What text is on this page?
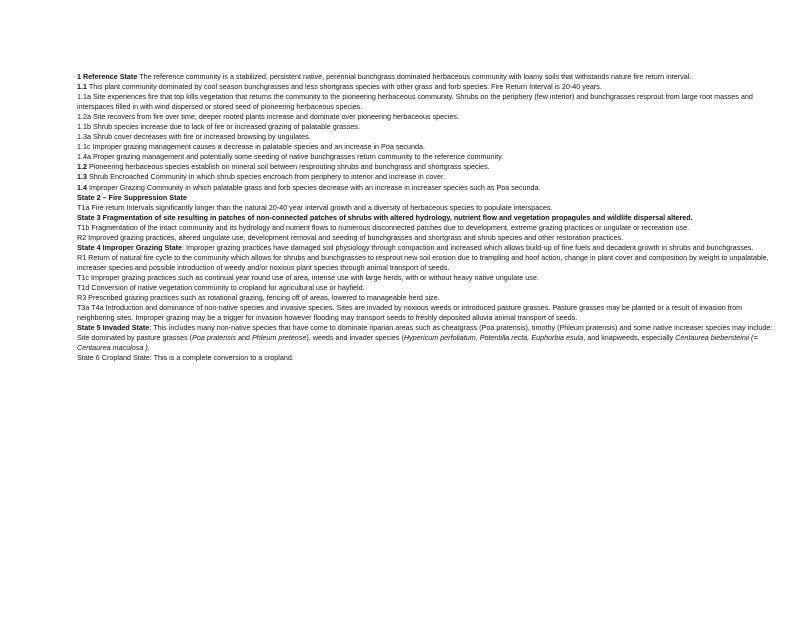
1 Reference State The reference community is a stabilized, persistent native, perennial bunchgrass dominated herbaceous community with loamy soils that withstands nature fire return interval.

1.1 This plant community dominated by cool season bunchgrasses and less shortgrass species with other grass and forb species. Fire Return Interval is 20-40 years.

1.1a Site experiences fire that top kills vegetation that returns the community to the pioneering herbaceous community. Shrubs on the periphery (few interior) and bunchgrasses resprout from large root masses and interspaces filled in with wind dispersed or stored seed of pioneering herbaceous species.

1.2a Site recovers from fire over time, deeper rooted plants increase and dominate over pioneering herbaceous species.

1.1b Shrub species increase due to lack of fire or increased grazing of palatable grasses.

1.3a Shrub cover decreases with fire or increased browsing by ungulates.

1.1c Improper grazing management causes a decrease in palatable species and an increase in Poa secunda.

1.4a Proper grazing management and potentially some seeding of native bunchgrasses return community to the reference community.

1.2 Pioneering herbaceous species establish on mineral soil between resprouting shrubs and bunchgrass and shortgrass species.

1.3 Shrub Encroached Community in which shrub species encroach from periphery to interior and increase in cover.

1.4 Improper Grazing Community in which palatable grass and forb species decrease with an increase in increaser species such as Poa secunda.

State 2 – Fire Suppression State

T1a Fire return Intervals significantly longer than the natural 20-40 year interval growth and a diversity of herbaceous species to populate interspaces.

State 3 Fragmentation of site resulting in patches of non-connected patches of shrubs with altered hydrology, nutrient flow and vegetation propagules and wildlife dispersal altered.

T1b Fragmentation of the intact community and its hydrology and nutrient flows to numerous disconnected patches due to development, extreme grazing practices or ungulate or recreation use.

R2 Improved grazing practices, altered ungulate use, development removal and seeding of bunchgrasses and shortgrass and shrub species and other restoration practices.

State 4 Improper Grazing State: Improper grazing practices have damaged soil physiology through compaction and increased which allows build-up of fine fuels and decadent growth in shrubs and bunchgrasses.

R1 Return of natural fire cycle to the community which allows for shrubs and bunchgrasses to resprout new soil erosion due to trampling and hoof action, change in plant cover and composition by weight to unpalatable, increaser species and possible introduction of weedy and/or noxious plant species through animal transport of seeds.

T1c Improper grazing practices such as continual year round use of area, intense use with large herds, with or without heavy native ungulate use.

T1d Conversion of native vegetation community to cropland for agricultural use or hayfield.

R3 Prescribed grazing practices such as rotational grazing, fencing off of areas, lowered to manageable herd size.

T3a T4a Introduction and dominance of non-native species and invasive species. Sites are invaded by noxious weeds or introduced pasture grasses. Pasture grasses may be planted or a result of invasion from neighboring sites. Improper grazing may be a trigger for invasion however flooding may transport seeds to freshly deposited alluvia animal transport of seeds.

State 5 Invaded State: This includes many non-native species that have come to dominate riparian areas such as cheatgrass (Poa pratensis), timothy (Phleum pratensis) and some native increaser species may include: Site dominated by pasture grasses (Poa pratensis and Phleum pretense), weeds and invader species (Hypericum perfoliatum, Potentilla recta, Euphorbia esula, and knapweeds, especially Centaurea biebersteinii (= Centaurea maculosa ).

State 6 Cropland State: This is a complete conversion to a cropland.
